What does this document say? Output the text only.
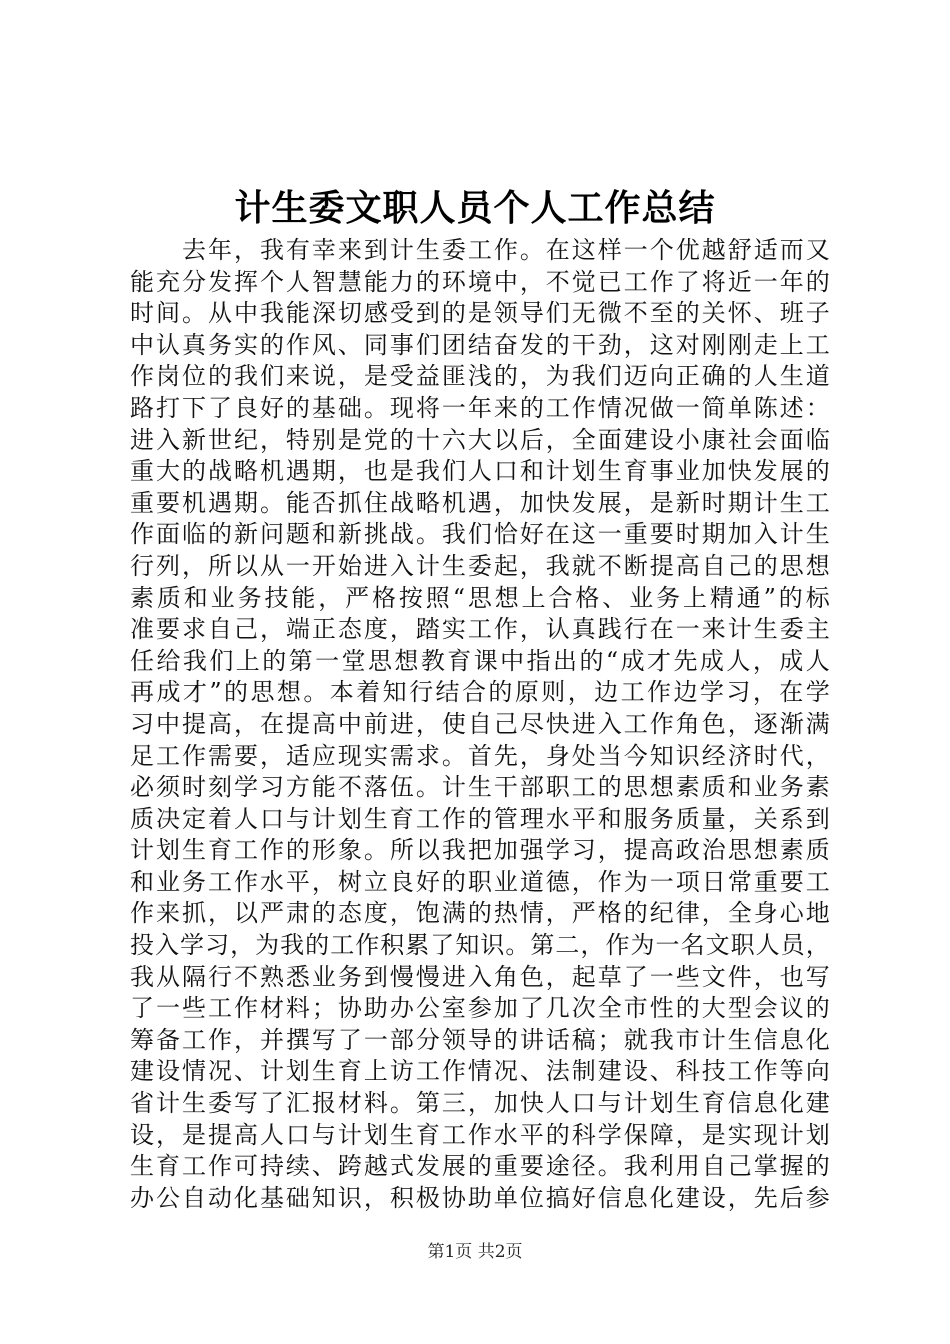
计生委文职人员个人工作总结
　　去年，我有幸来到计生委工作。在这样一个优越舒适而又
能充分发挥个人智慧能力的环境中，不觉已工作了将近一年的
时间。从中我能深切感受到的是领导们无微不至的关怀、班子
中认真务实的作风、同事们团结奋发的干劲，这对刚刚走上工
作岗位的我们来说，是受益匪浅的，为我们迈向正确的人生道
路打下了良好的基础。现将一年来的工作情况做一简单陈述：
进入新世纪，特别是党的十六大以后，全面建设小康社会面临
重大的战略机遇期，也是我们人口和计划生育事业加快发展的
重要机遇期。能否抓住战略机遇，加快发展，是新时期计生工
作面临的新问题和新挑战。我们恰好在这一重要时期加入计生
行列，所以从一开始进入计生委起，我就不断提高自己的思想
素质和业务技能，严格按照“思想上合格、业务上精通”的标
准要求自己，端正态度，踏实工作，认真践行在一来计生委主
任给我们上的第一堂思想教育课中指出的“成才先成人，成人
再成才”的思想。本着知行结合的原则，边工作边学习，在学
习中提高，在提高中前进，使自己尽快进入工作角色，逐渐满
足工作需要，适应现实需求。首先，身处当今知识经济时代，
必须时刻学习方能不落伍。计生干部职工的思想素质和业务素
质决定着人口与计划生育工作的管理水平和服务质量，关系到
计划生育工作的形象。所以我把加强学习，提高政治思想素质
和业务工作水平，树立良好的职业道德，作为一项日常重要工
作来抓，以严肃的态度，饱满的热情，严格的纪律，全身心地
投入学习，为我的工作积累了知识。第二，作为一名文职人员，
我从隔行不熟悉业务到慢慢进入角色，起草了一些文件，也写
了一些工作材料；协助办公室参加了几次全市性的大型会议的
筹备工作，并撰写了一部分领导的讲话稿；就我市计生信息化
建设情况、计划生育上访工作情况、法制建设、科技工作等向
省计生委写了汇报材料。第三，加快人口与计划生育信息化建
设，是提高人口与计划生育工作水平的科学保障，是实现计划
生育工作可持续、跨越式发展的重要途径。我利用自己掌握的
办公自动化基础知识，积极协助单位搞好信息化建设，先后参
第1页 共2页
